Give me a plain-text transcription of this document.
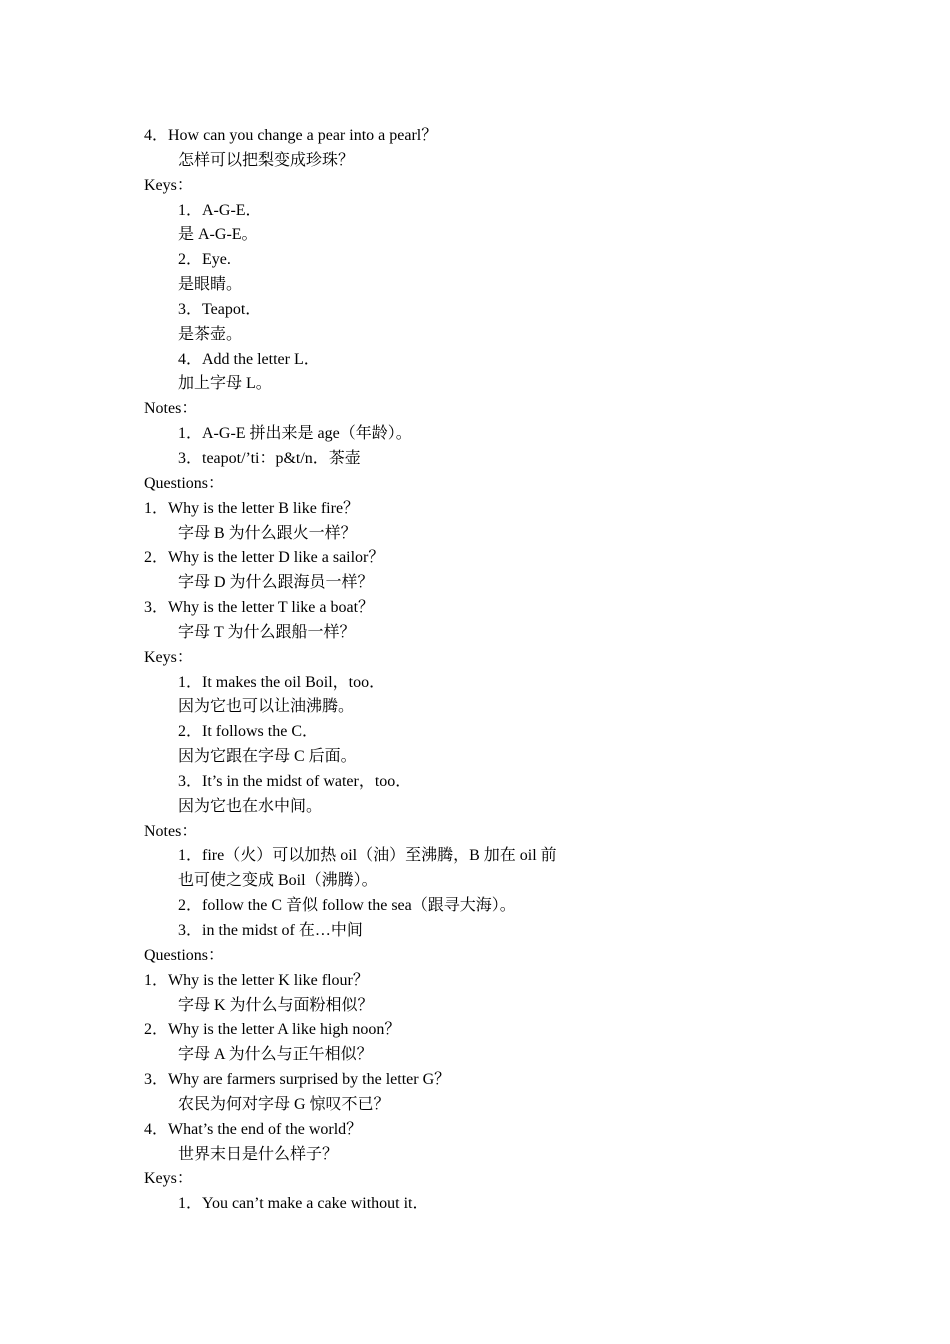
4．How can you change a pear into a pearl？
怎样可以把梨变成珍珠？
Keys：
1．A-G-E．
是 A-G-E。
2．Eye.
是眼睛。
3．Teapot．
是茶壶。
4．Add the letter L．
加上字母 L。
Notes：
1．A-G-E 拼出来是 age（年龄）。
3．teapot/’ti：p&t/n．茶壶
Questions：
1．Why is the letter B like fire？
字母 B 为什么跟火一样？
2．Why is the letter D like a sailor？
字母 D 为什么跟海员一样？
3．Why is the letter T like a boat？
字母 T 为什么跟船一样？
Keys：
1．It makes the oil Boil，too．
因为它也可以让油沸腾。
2．It follows the C．
因为它跟在字母 C 后面。
3．It’s in the midst of water，too．
因为它也在水中间。
Notes：
1．fire（火）可以加热 oil（油）至沸腾，B 加在 oil 前
也可使之变成 Boil（沸腾）。
2．follow the C 音似 follow the sea（跟寻大海）。
3．in the midst of 在…中间
Questions：
1．Why is the letter K like flour？
字母 K 为什么与面粉相似？
2．Why is the letter A like high noon？
字母 A 为什么与正午相似？
3．Why are farmers surprised by the letter G？
农民为何对字母 G 惊叹不已？
4．What’s the end of the world？
世界末日是什么样子？
Keys：
1．You can’t make a cake without it．
